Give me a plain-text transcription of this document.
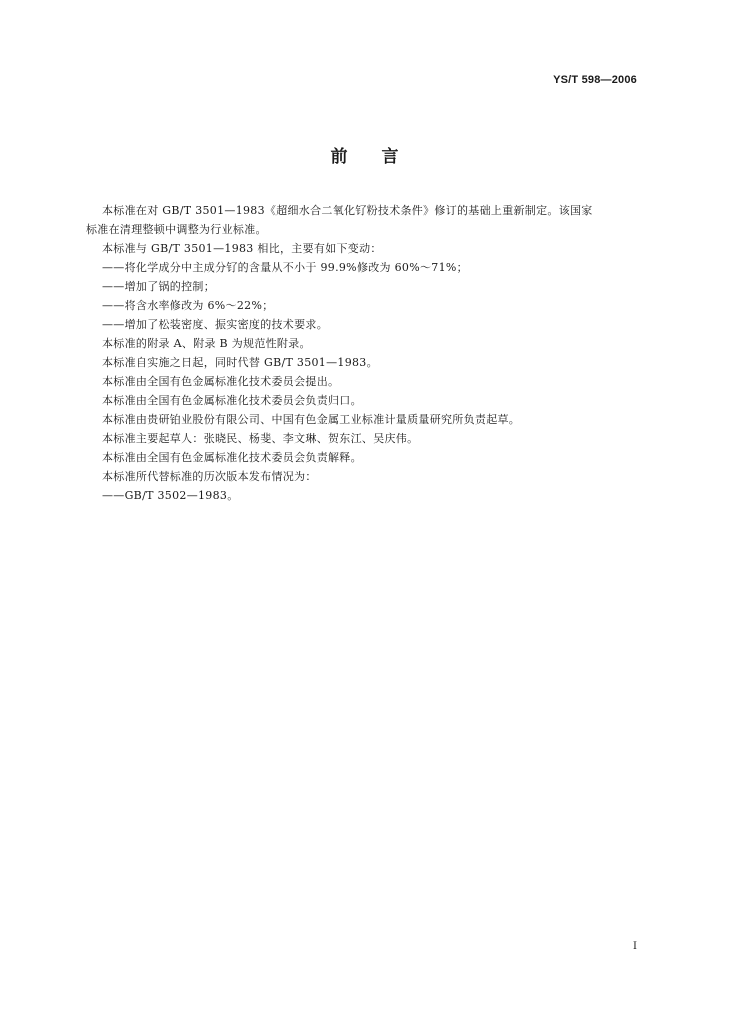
YS/T 598—2006
前言

本标准在对 GB/T 3501—1983《超细水合二氧化钌粉技术条件》修订的基础上重新制定。该国家

标准在清理整顿中调整为行业标准。

本标准与 GB/T 3501—1983 相比，主要有如下变动：

——将化学成分中主成分钌的含量从不小于 99.9%修改为 60%～71%；

——增加了锅的控制；

——将含水率修改为 6%～22%；

——增加了松装密度、振实密度的技术要求。

本标准的附录 A、附录 B 为规范性附录。

本标准自实施之日起，同时代替 GB/T 3501—1983。

本标准由全国有色金属标准化技术委员会提出。

本标准由全国有色金属标准化技术委员会负责归口。

本标准由贵研铂业股份有限公司、中国有色金属工业标准计量质量研究所负责起草。

本标准主要起草人：张晓民、杨斐、李文琳、贺东江、吴庆伟。

本标准由全国有色金属标准化技术委员会负责解释。

本标准所代替标准的历次版本发布情况为：

——GB/T 3502—1983。

I
